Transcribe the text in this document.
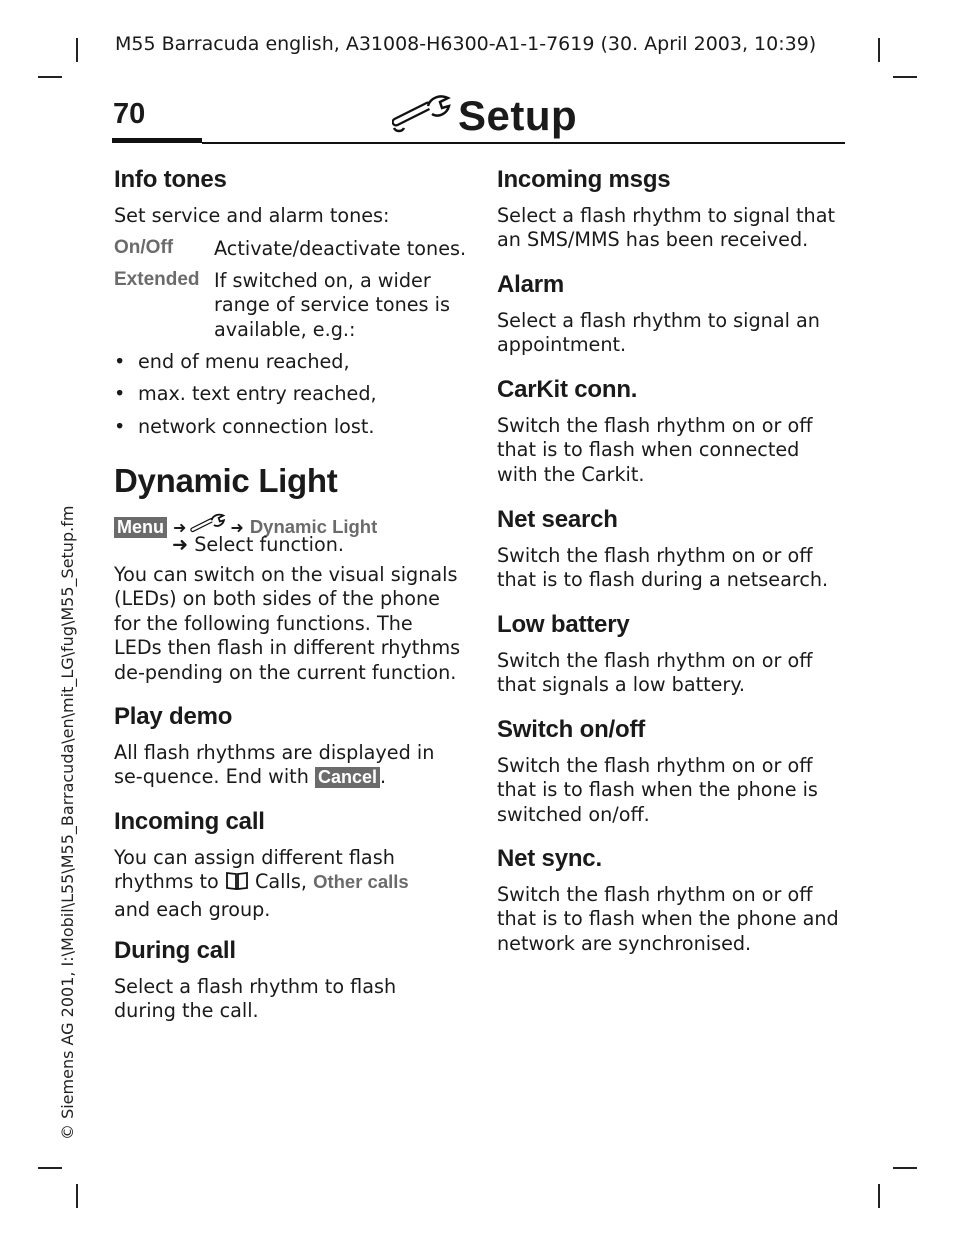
M55 Barracuda english, A31008-H6300-A1-1-7619 (30. April 2003, 10:39)
70	Setup
Info tones
Set service and alarm tones:
On/Off Activate/deactivate tones.
Extended If switched on, a wider range of service tones is available, e.g.:
• end of menu reached,
• max. text entry reached,
• network connection lost.
Dynamic Light
Menu ➜	➜ Dynamic Light
➜ Select function.
You can switch on the visual signals (LEDs) on both sides of the phone for the following functions. The LEDs then flash in different rhythms de-pending on the current function.
Play demo
All flash rhythms are displayed in se-quence. End with Cancel .
Incoming call
You can assign different flash rhythms to Calls, Other calls and each group.
During call
Select a flash rhythm to flash during the call.
Incoming msgs
Select a flash rhythm to signal that an SMS/MMS has been received.
Alarm
Select a flash rhythm to signal an appointment.
CarKit conn.
Switch the flash rhythm on or off that is to flash when connected with the Carkit.
Net search
Switch the flash rhythm on or off that is to flash during a netsearch.
Low battery
Switch the flash rhythm on or off that signals a low battery.
Switch on/off
Switch the flash rhythm on or off that is to flash when the phone is switched on/off.
Net sync.
Switch the flash rhythm on or off that is to flash when the phone and network are synchronised.
© Siemens AG 2001, I:\Mobil\L55\M55_Barracuda\en\mit_LG\fug\M55_Setup.fm
